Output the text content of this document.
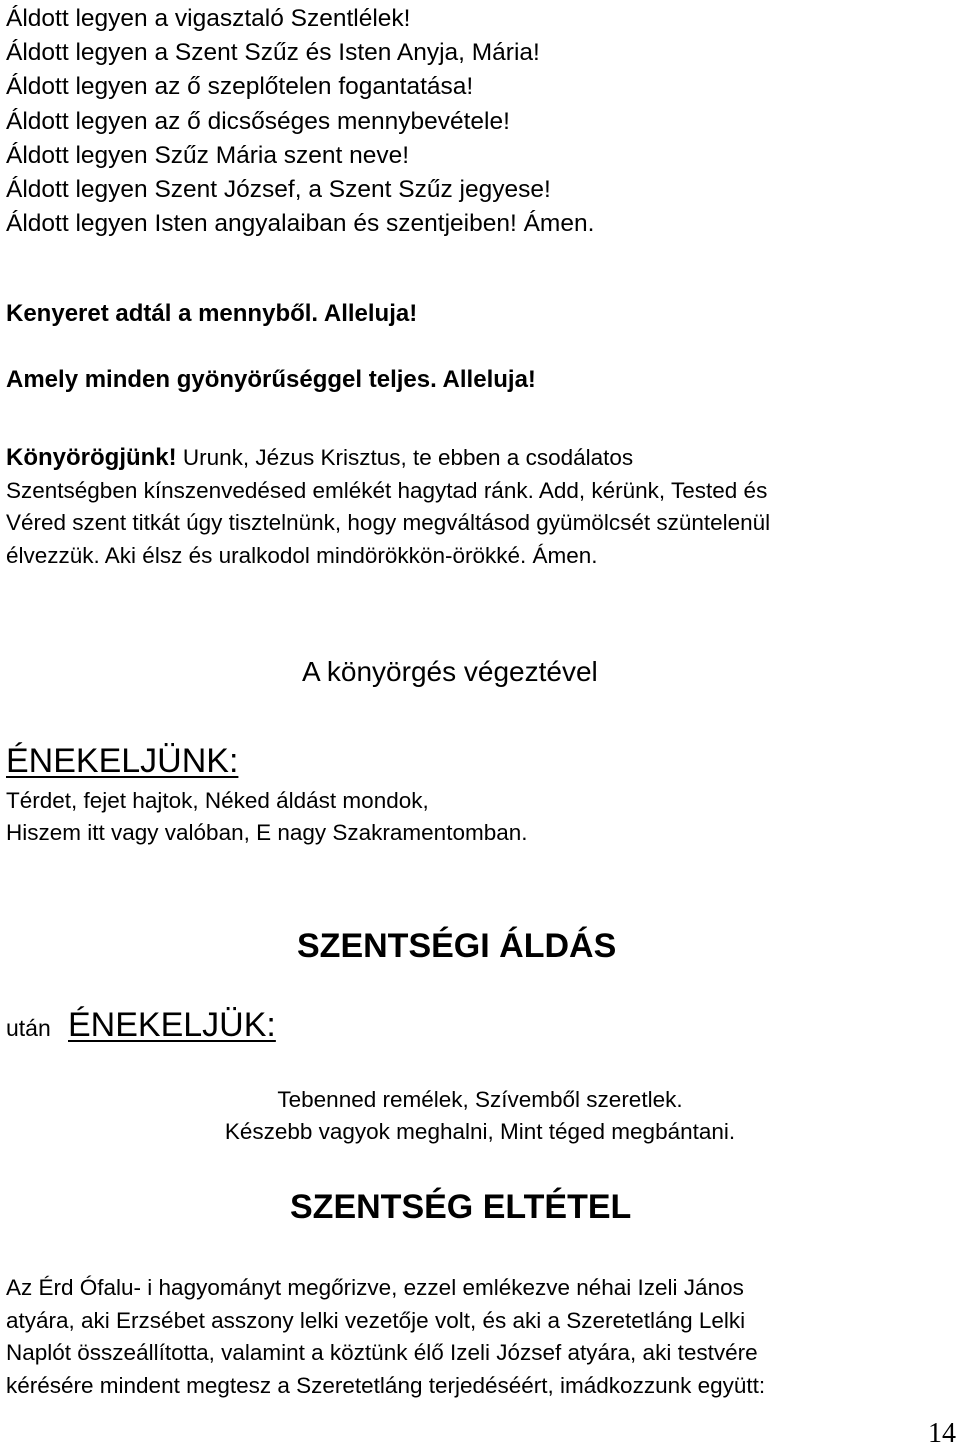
Áldott legyen a vigasztaló Szentlélek!
Áldott legyen a Szent Szűz és Isten Anyja, Mária!
Áldott legyen az ő szeplőtelen fogantatása!
Áldott legyen az ő dicsőséges mennybevétele!
Áldott legyen Szűz Mária szent neve!
Áldott legyen Szent József, a Szent Szűz jegyese!
Áldott legyen Isten angyalaiban és szentjeiben! Ámen.
Kenyeret adtál a mennyből. Alleluja!
Amely minden gyönyörűséggel teljes. Alleluja!
Könyörögjünk! Urunk, Jézus Krisztus, te ebben a csodálatos
Szentségben kínszenvedésed emlékét hagytad ránk. Add, kérünk, Tested és
Véred szent titkát úgy tisztelnünk, hogy megváltásod gyümölcsét szüntelenül
élvezzük. Aki élsz és uralkodol mindörökkön-örökké. Ámen.
A könyörgés végeztével
ÉNEKELJÜNK:
Térdet, fejet hajtok, Néked áldást mondok,
Hiszem itt vagy valóban, E nagy Szakramentomban.
SZENTSÉGI ÁLDÁS
után ÉNEKELJÜK:
Tebenned remélek, Szívemből szeretlek.
Készebb vagyok meghalni, Mint téged megbántani.
SZENTSÉG ELTÉTEL
Az Érd Ófalu- i hagyományt megőrizve, ezzel emlékezve néhai Izeli János
atyára, aki Erzsébet asszony lelki vezetője volt, és aki a Szeretetláng Lelki
Naplót összeállította, valamint a köztünk élő Izeli József atyára, aki testvére
kérésére mindent megtesz a Szeretetláng terjedéséért, imádkozzunk együtt:
14
